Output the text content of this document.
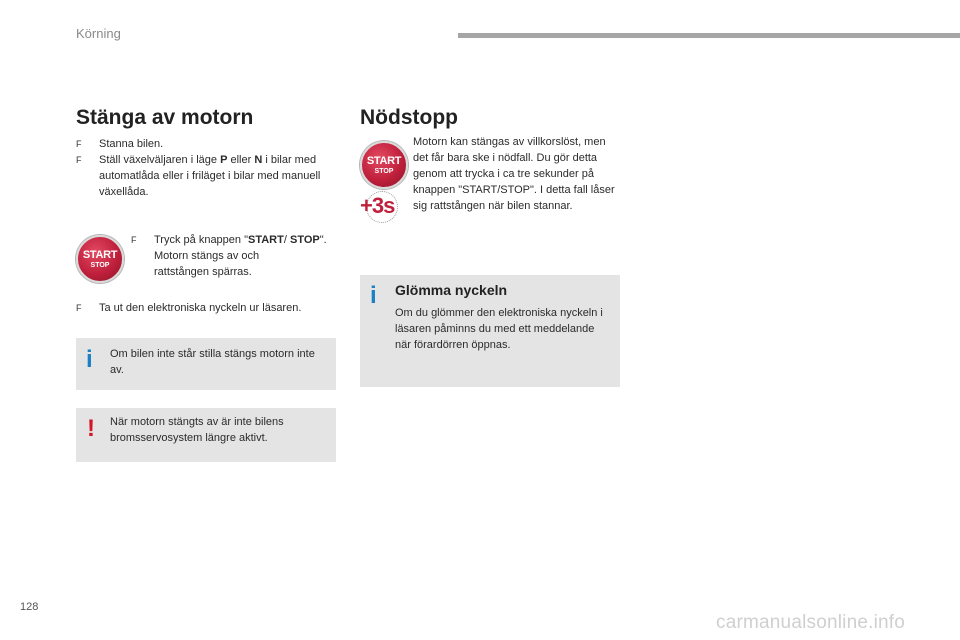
Körning
Stänga av motorn
F Stanna bilen.
F Ställ växelväljaren i läge P eller N i bilar med automatlåda eller i friläget i bilar med manuell växellåda.
START
STOP
F Tryck på knappen "START/ STOP".
Motorn stängs av och rattstången spärras.
F Ta ut den elektroniska nyckeln ur läsaren.
i Om bilen inte står stilla stängs motorn inte av.
! När motorn stängts av är inte bilens bromsservosystem längre aktivt.
Nödstopp
START
STOP
+3s
Motorn kan stängas av villkorslöst, men det får bara ske i nödfall. Du gör detta genom att trycka i ca tre sekunder på knappen "START/STOP". I detta fall låser sig rattstången när bilen stannar.
i Glömma nyckeln
Om du glömmer den elektroniska nyckeln i läsaren påminns du med ett meddelande när förardörren öppnas.
128
carmanualsonline.info
